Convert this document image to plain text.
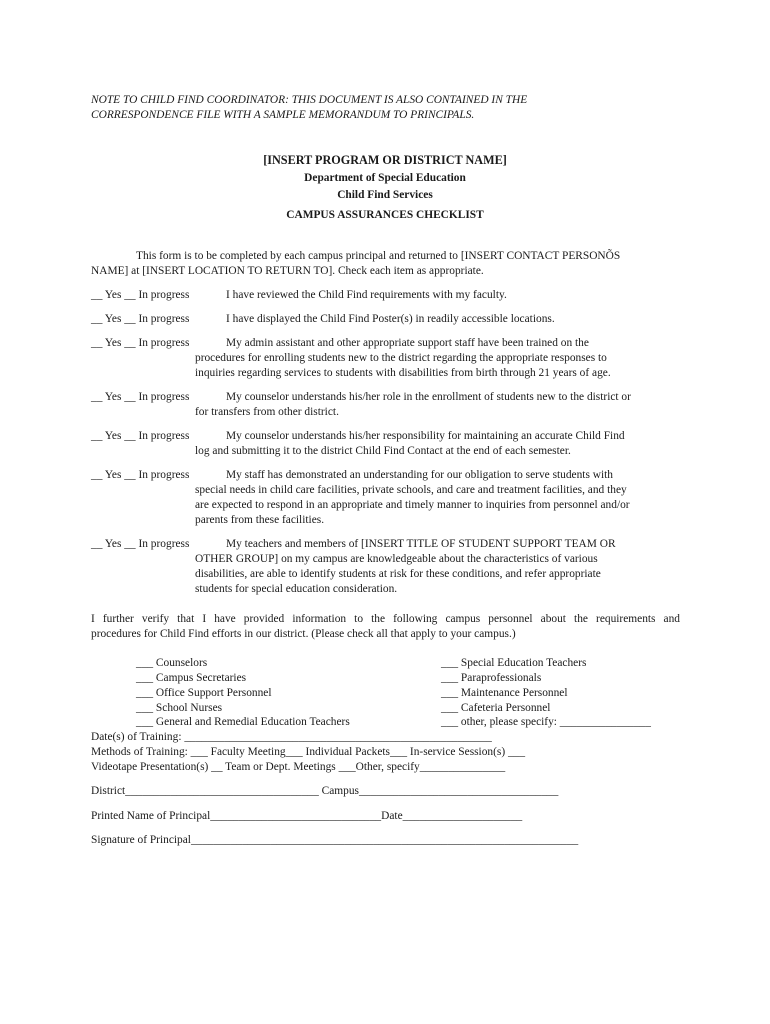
NOTE TO CHILD FIND COORDINATOR: THIS DOCUMENT IS ALSO CONTAINED IN THE
CORRESPONDENCE FILE WITH A SAMPLE MEMORANDUM TO PRINCIPALS.
[INSERT PROGRAM OR DISTRICT NAME]
Department of Special Education
Child Find Services
CAMPUS ASSURANCES CHECKLIST
This form is to be completed by each campus principal and returned to [INSERT CONTACT PERSONÕS
NAME] at [INSERT LOCATION TO RETURN TO]. Check each item as appropriate.
__ Yes __ In progress	I have reviewed the Child Find requirements with my faculty.
__ Yes __ In progress	I have displayed the Child Find Poster(s) in readily accessible locations.
__ Yes __ In progress	My admin assistant and other appropriate support staff have been trained on the
procedures for enrolling students new to the district regarding the appropriate responses to
inquiries regarding services to students with disabilities from birth through 21 years of age.
__ Yes __ In progress	My counselor understands his/her role in the enrollment of students new to the district or
for transfers from other district.
__ Yes __ In progress	My counselor understands his/her responsibility for maintaining an accurate Child Find
log and submitting it to the district Child Find Contact at the end of each semester.
__ Yes __ In progress	My staff has demonstrated an understanding for our obligation to serve students with
special needs in child care facilities, private schools, and care and treatment facilities, and they
are expected to respond in an appropriate and timely manner to inquiries from personnel and/or
parents from these facilities.
__ Yes __ In progress	My teachers and members of [INSERT TITLE OF STUDENT SUPPORT TEAM OR
OTHER GROUP] on my campus are knowledgeable about the characteristics of various
disabilities, are able to identify students at risk for these conditions, and refer appropriate
students for special education consideration.
I further verify that I have provided information to the following campus personnel about the requirements and
procedures for Child Find efforts in our district. (Please check all that apply to your campus.)
___ Counselors
___ Campus Secretaries
___ Office Support Personnel
___ School Nurses
___ General and Remedial Education Teachers
___ Special Education Teachers
___ Paraprofessionals
___ Maintenance Personnel
___ Cafeteria Personnel
___ other, please specify: ________________
Date(s) of Training: ______________________________________________________
Methods of Training: ___ Faculty Meeting___ Individual Packets___ In-service Session(s) ___
Videotape Presentation(s) __ Team or Dept. Meetings ___Other, specify_______________
District__________________________________ Campus___________________________________
Printed Name of Principal______________________________Date_____________________
Signature of Principal____________________________________________________________________
